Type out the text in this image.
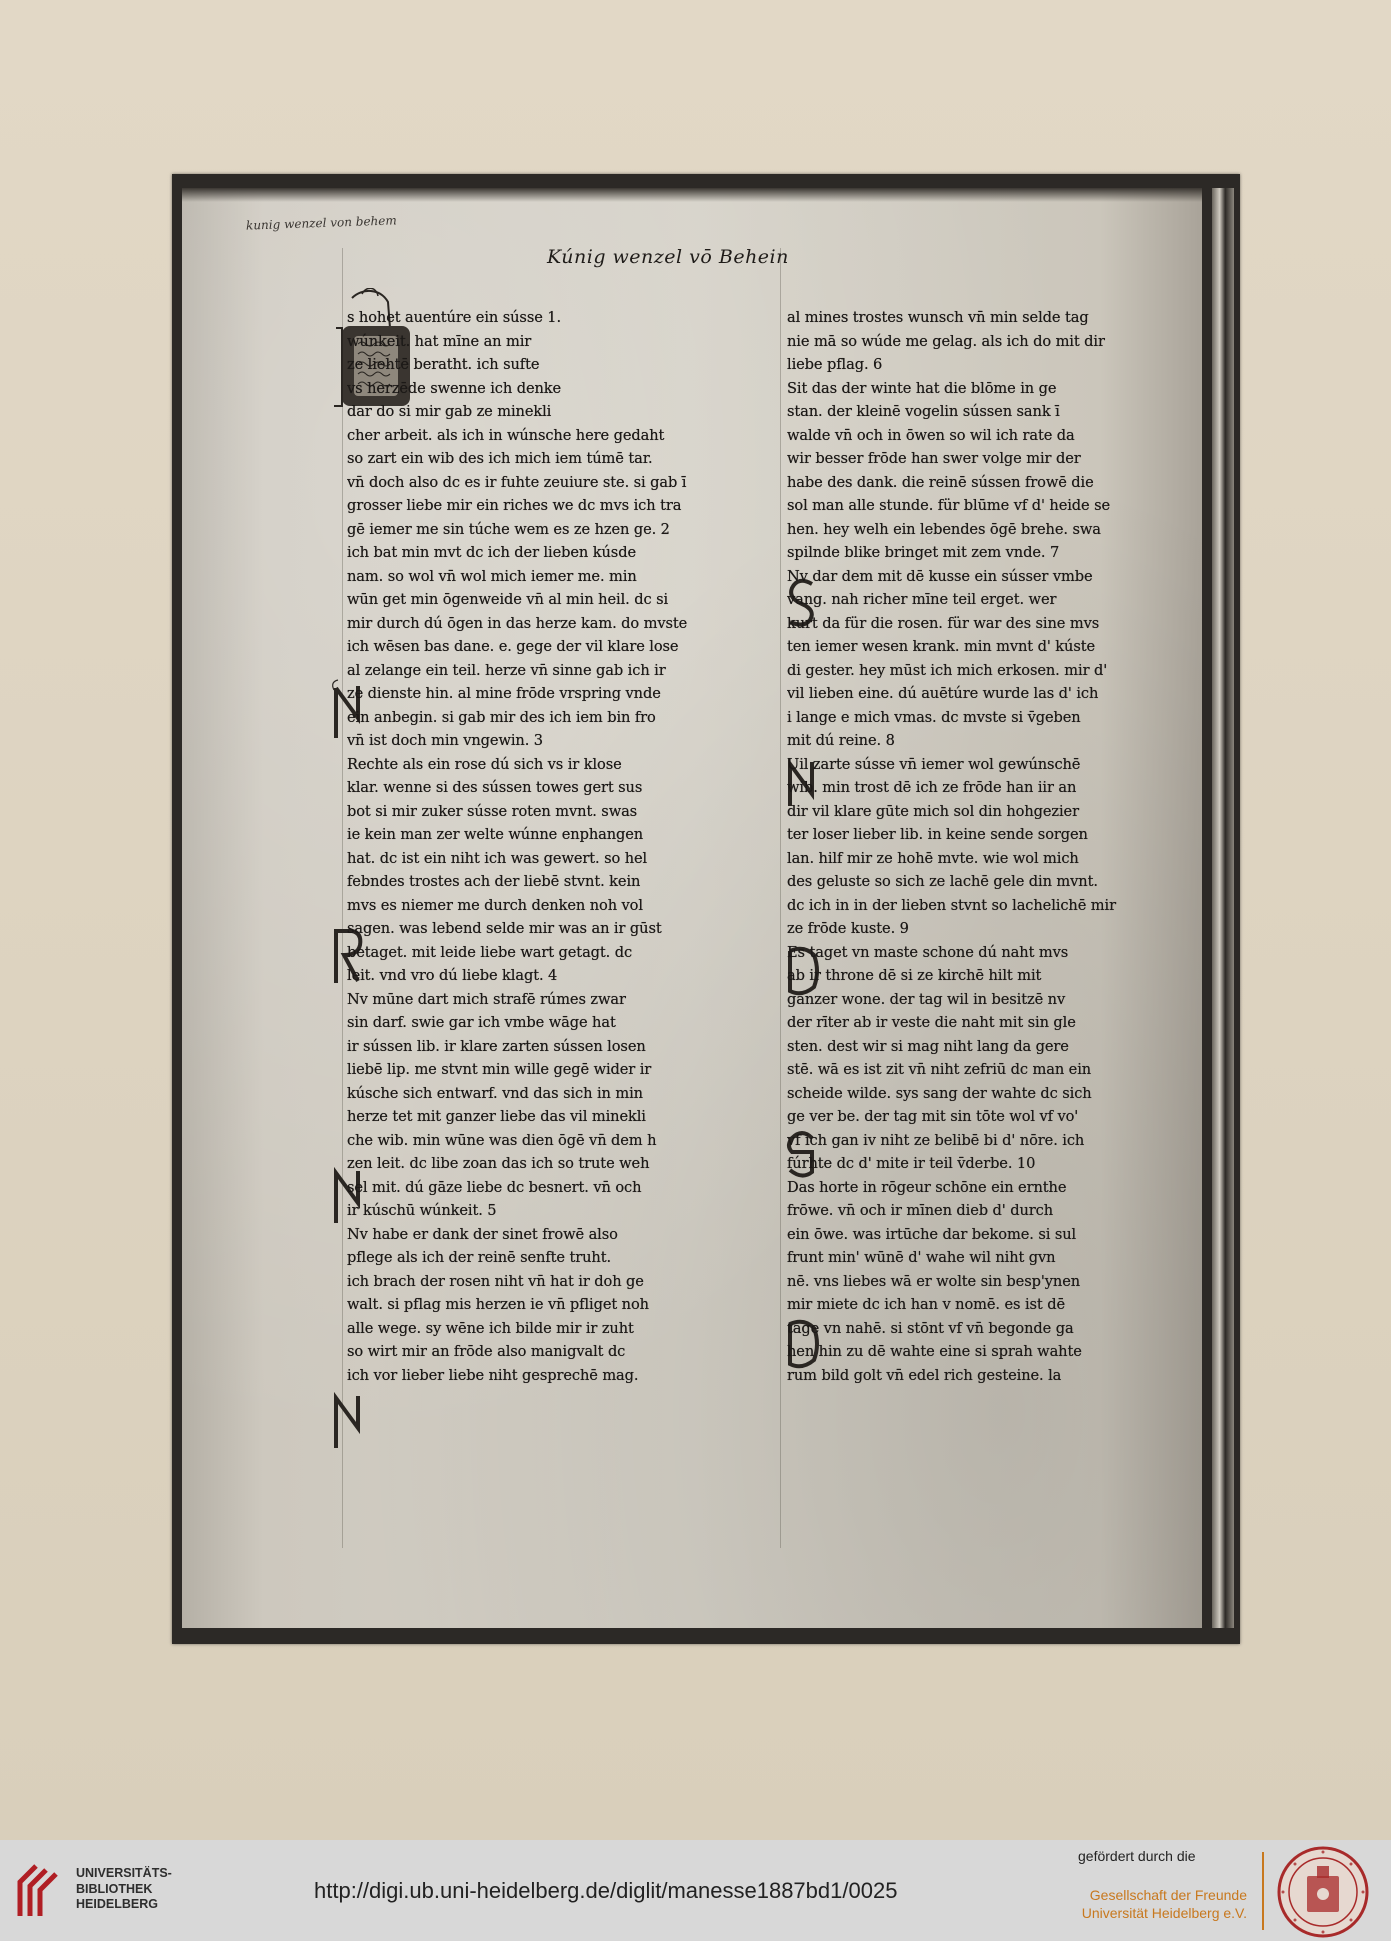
kunig wenzel von behem
Kúnig wenzel vō Behein
s hohet auentúre ein sússe 1.
wúnkeit. hat mīne an mir
ze liehtē beratht. ich sufte
vs herzēde swenne ich denke
dar do si mir gab ze minekli
cher arbeit. als ich in wúnsche here gedaht
so zart ein wib des ich mich iem túmē tar.
vn̄ doch also dc es ir fuhte zeuiure ste. si gab ī
grosser liebe mir ein riches we dc mvs ich tra
gē iemer me sin túche wem es ze hzen ge. 2
ich bat min mvt dc ich der lieben kúsde
nam. so wol vn̄ wol mich iemer me. min
wūn get min ōgenweide vn̄ al min heil. dc si
mir durch dú ōgen in das herze kam. do mvste
ich wēsen bas dane. e. gege der vil klare lose
al zelange ein teil. herze vn̄ sinne gab ich ir
ze dienste hin. al mine frōde vrspring vnde
ein anbegin. si gab mir des ich iem bin fro
vn̄ ist doch min vngewin. 3
Rechte als ein rose dú sich vs ir klose
klar. wenne si des sússen towes gert sus
bot si mir zuker sússe roten mvnt. swas
ie kein man zer welte wúnne enphangen
hat. dc ist ein niht ich was gewert. so hel
febndes trostes ach der liebē stvnt. kein
mvs es niemer me durch denken noh vol
sagen. was lebend selde mir was an ir gūst
betaget. mit leide liebe wart getagt. dc
leit. vnd vro dú liebe klagt. 4
Nv mūne dart mich strafē rúmes zwar
sin darf. swie gar ich vmbe wāge hat
ir sússen lib. ir klare zarten sússen losen
liebē lip. me stvnt min wille gegē wider ir
kúsche sich entwarf. vnd das sich in min
herze tet mit ganzer liebe das vil minekli
che wib. min wūne was dien ōgē vn̄ dem h
zen leit. dc libe zoan das ich so trute weh
sel mit. dú gāze liebe dc besnert. vn̄ och
ir kúschū wúnkeit. 5
Nv habe er dank der sinet frowē also
pflege als ich der reinē senfte truht.
ich brach der rosen niht vn̄ hat ir doh ge
walt. si pflag mis herzen ie vn̄ pfliget noh
alle wege. sy wēne ich bilde mir ir zuht
so wirt mir an frōde also manigvalt dc
ich vor lieber liebe niht gesprechē mag.
al mines trostes wunsch vn̄ min selde tag
nie mā so wúde me gelag. als ich do mit dir
liebe pflag. 6
Sit das der winte hat die blōme in ge
stan. der kleinē vogelin sússen sank ī
walde vn̄ och in ōwen so wil ich rate da
wir besser frōde han swer volge mir der
habe des dank. die reinē sússen frowē die
sol man alle stunde. für blūme vf d' heide se
hen. hey welh ein lebendes ōgē brehe. swa
spilnde blike bringet mit zem vnde. 7
Nv dar dem mit dē kusse ein sússer vmbe
vang. nah richer mīne teil erget. wer
kurt da für die rosen. für war des sine mvs
ten iemer wesen krank. min mvnt d' kúste
di gester. hey mūst ich mich erkosen. mir d'
vil lieben eine. dú auētúre wurde las d' ich
i lange e mich vmas. dc mvste si v̄geben
mit dú reine. 8
Uil zarte sússe vn̄ iemer wol gewúnschē
wib. min trost dē ich ze frōde han iir an
dir vil klare gūte mich sol din hohgezier
ter loser lieber lib. in keine sende sorgen
lan. hilf mir ze hohē mvte. wie wol mich
des geluste so sich ze lachē gele din mvnt.
dc ich in in der lieben stvnt so lachelichē mir
ze frōde kuste. 9
Es taget vn maste schone dú naht mvs
ab ir throne dē si ze kirchē hilt mit
ganzer wone. der tag wil in besitzē nv
der rīter ab ir veste die naht mit sin gle
sten. dest wir si mag niht lang da gere
stē. wā es ist zit vn̄ niht zefriū dc man ein
scheide wilde. sys sang der wahte dc sich
ge ver be. der tag mit sin tōte wol vf vo'
vf ich gan iv niht ze belibē bi d' nōre. ich
fúrhte dc d' mite ir teil v̄derbe. 10
Das horte in rōgeur schōne ein ernthe
frōwe. vn̄ och ir mīnen dieb d' durch
ein ōwe. was irtūche dar bekome. si sul
frunt min' wūnē d' wahe wil niht gvn
nē. vns liebes wā er wolte sin besp'ynen
mir miete dc ich han v nomē. es ist dē
tage vn nahē. si stōnt vf vn̄ begonde ga
hen hin zu dē wahte eine si sprah wahte
rum bild golt vn̄ edel rich gesteine. la
UNIVERSITÄTS-
BIBLIOTHEK
HEIDELBERG
http://digi.ub.uni-heidelberg.de/diglit/manesse1887bd1/0025
gefördert durch die
Gesellschaft der Freunde
Universität Heidelberg e.V.
